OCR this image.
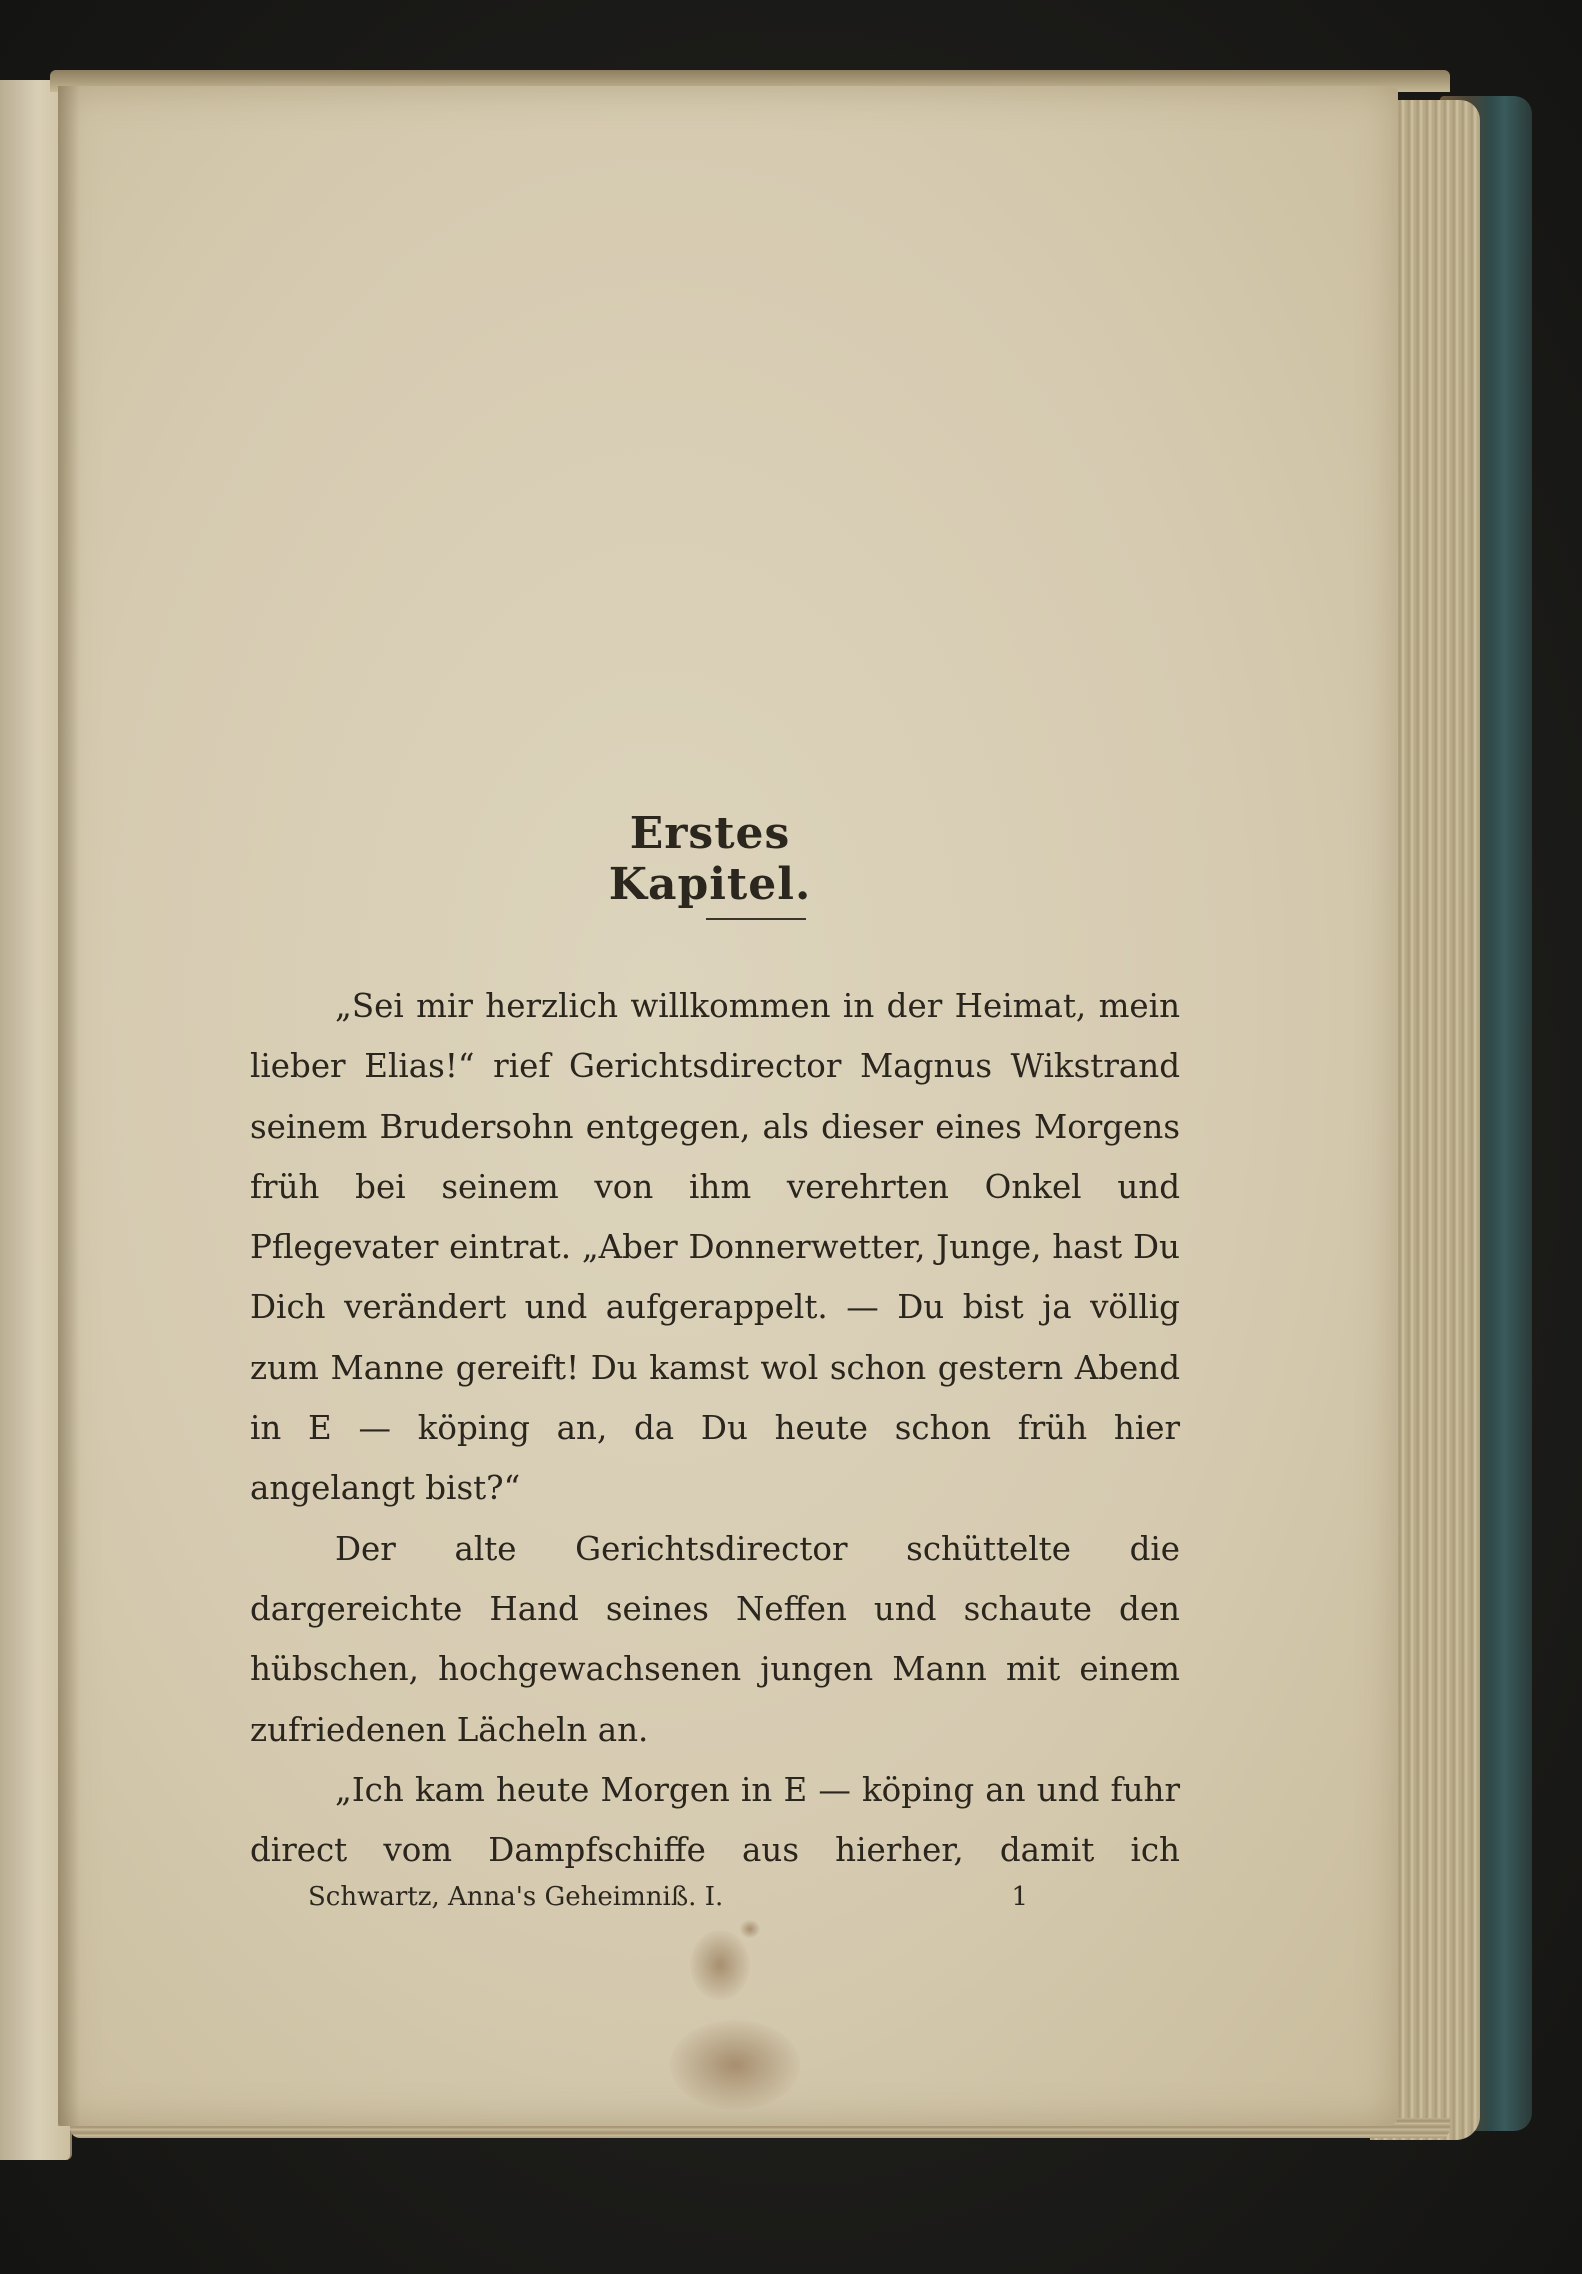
Erstes Kapitel.

„Sei mir herzlich willkommen in der Heimat, mein lieber Elias!“ rief Gerichtsdirector Magnus Wikstrand seinem Brudersohn entgegen, als dieser eines Morgens früh bei seinem von ihm verehrten Onkel und Pflegevater eintrat. „Aber Donnerwetter, Junge, hast Du Dich verändert und aufgerappelt. — Du bist ja völlig zum Manne gereift! Du kamst wol schon gestern Abend in E — köping an, da Du heute schon früh hier angelangt bist?“

Der alte Gerichtsdirector schüttelte die dargereichte Hand seines Neffen und schaute den hübschen, hochgewachsenen jungen Mann mit einem zufriedenen Lächeln an.

„Ich kam heute Morgen in E — köping an und fuhr direct vom Dampfschiffe aus hierher, damit ich

Schwartz, Anna's Geheimniß. I.	1
